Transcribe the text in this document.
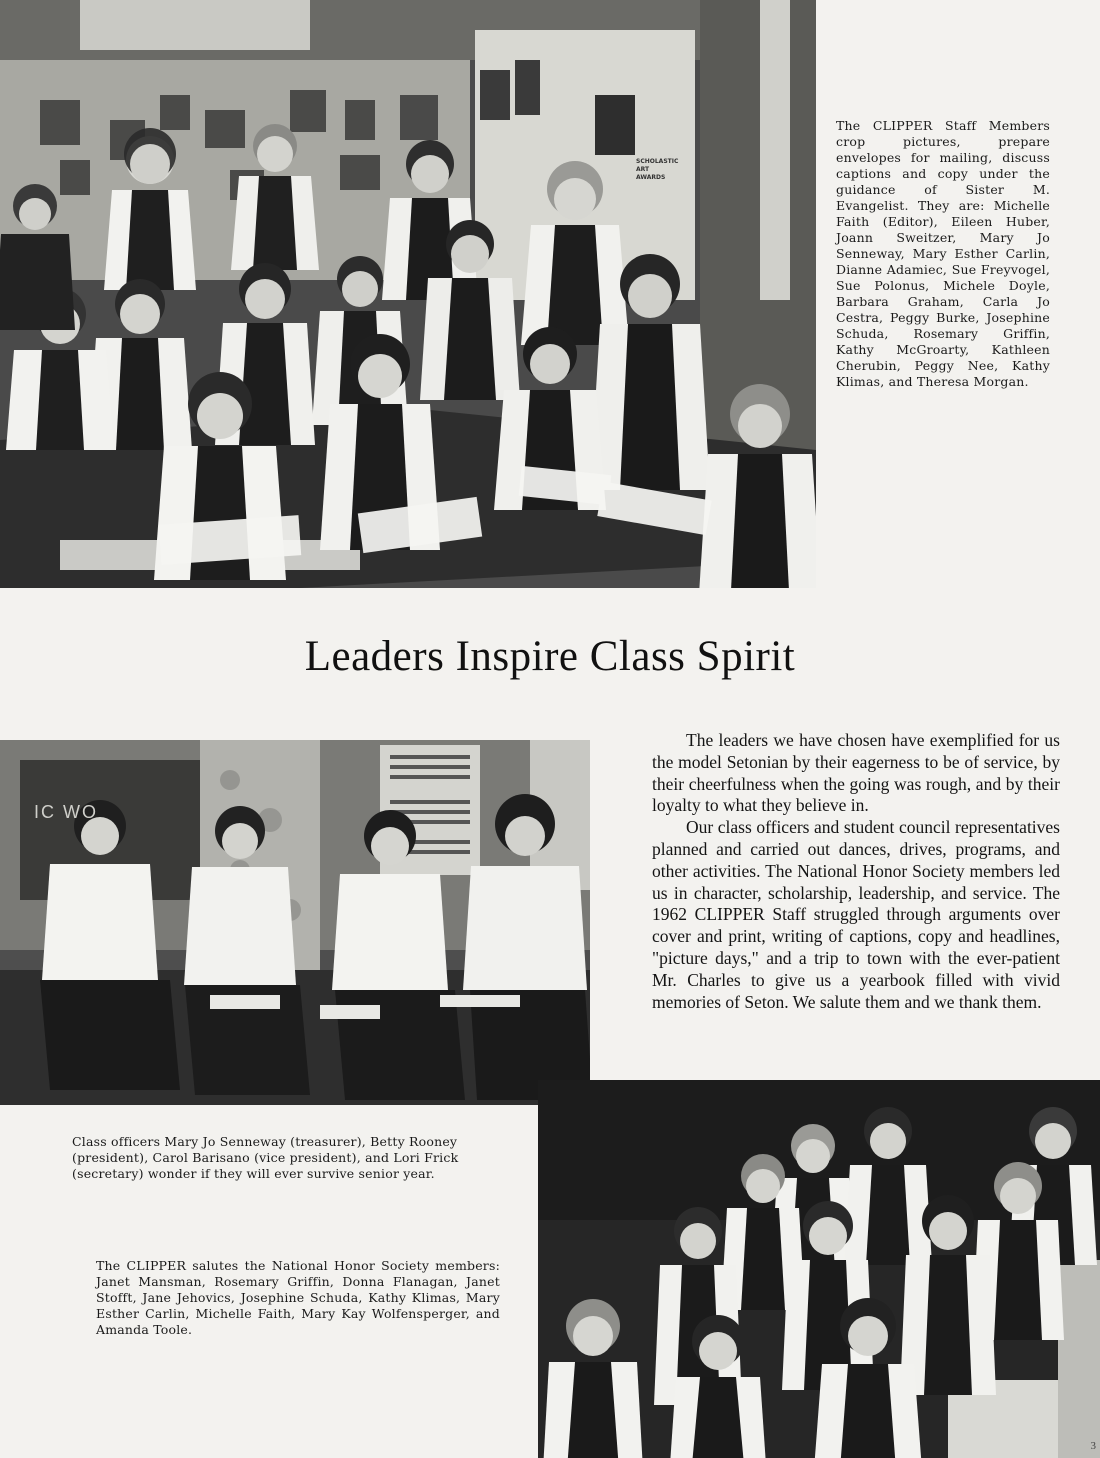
SCHOLASTIC ART AWARDS
The CLIPPER Staff Members crop pictures, prepare envelopes for mailing, discuss captions and copy under the guidance of Sister M. Evangelist. They are: Michelle Faith (Editor), Eileen Huber, Joann Sweitzer, Mary Jo Senneway, Mary Esther Carlin, Dianne Adamiec, Sue Freyvogel, Sue Polonus, Michele Doyle, Barbara Graham, Carla Jo Cestra, Peggy Burke, Josephine Schuda, Rosemary Griffin, Kathy McGroarty, Kathleen Cherubin, Peggy Nee, Kathy Klimas, and Theresa Morgan.
Leaders Inspire Class Spirit
IC WO

The leaders we have chosen have exemplified for us the model Setonian by their eagerness to be of service, by their cheerfulness when the going was rough, and by their loyalty to what they believe in.

Our class officers and student council representatives planned and carried out dances, drives, programs, and other activities. The National Honor Society members led us in character, scholarship, leadership, and service. The 1962 CLIPPER Staff struggled through arguments over cover and print, writing of captions, copy and headlines, "picture days," and a trip to town with the ever-patient Mr. Charles to give us a yearbook filled with vivid memories of Seton. We salute them and we thank them.

Class officers Mary Jo Senneway (treasurer), Betty Rooney (president), Carol Barisano (vice president), and Lori Frick (secretary) wonder if they will ever survive senior year.
The CLIPPER salutes the National Honor Society members: Janet Mansman, Rosemary Griffin, Donna Flanagan, Janet Stofft, Jane Jehovics, Josephine Schuda, Kathy Klimas, Mary Esther Carlin, Michelle Faith, Mary Kay Wolfensperger, and Amanda Toole.
3
